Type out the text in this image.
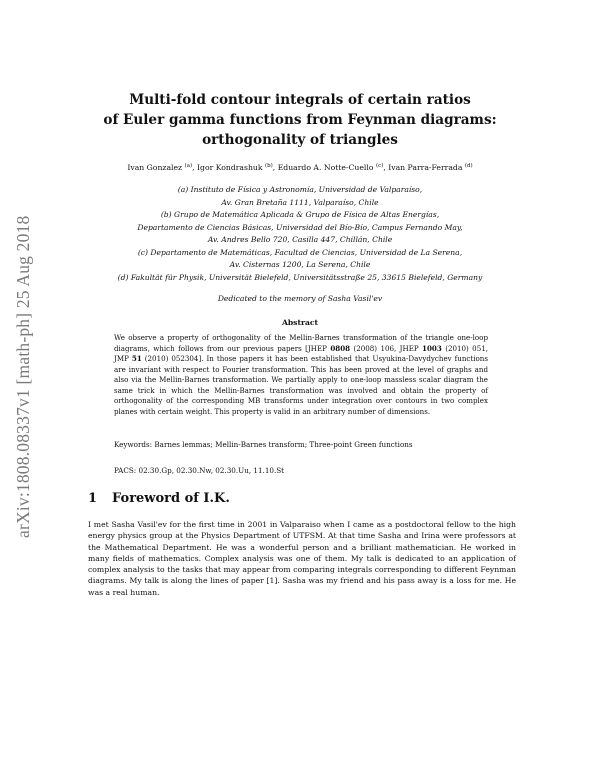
arXiv:1808.08337v1 [math-ph] 25 Aug 2018
Multi-fold contour integrals of certain ratios
of Euler gamma functions from Feynman diagrams:
orthogonality of triangles
Ivan Gonzalez $^{(a)}$, Igor Kondrashuk $^{(b)}$, Eduardo A. Notte-Cuello $^{(c)}$, Ivan Parra-Ferrada $^{(d)}$
(a) Instituto de Física y Astronomía, Universidad de Valparaíso,
Av. Gran Bretaña 1111, Valparaíso, Chile
(b) Grupo de Matemática Aplicada & Grupo de Física de Altas Energías,
Departamento de Ciencias Básicas, Universidad del Bío-Bío, Campus Fernando May,
Av. Andres Bello 720, Casilla 447, Chillán, Chile
(c) Departamento de Matemáticas, Facultad de Ciencias, Universidad de La Serena,
Av. Cisternas 1200, La Serena, Chile
(d) Fakultät für Physik, Universität Bielefeld, Universitätsstraße 25, 33615 Bielefeld, Germany
Dedicated to the memory of Sasha Vasil'ev
Abstract
We observe a property of orthogonality of the Mellin-Barnes transformation of the triangle one-loop diagrams, which follows from our previous papers [JHEP 0808 (2008) 106, JHEP 1003 (2010) 051, JMP 51 (2010) 052304]. In those papers it has been established that Usyukina-Davydychev functions are invariant with respect to Fourier transformation. This has been proved at the level of graphs and also via the Mellin-Barnes transformation. We partially apply to one-loop massless scalar diagram the same trick in which the Mellin-Barnes transformation was involved and obtain the property of orthogonality of the corresponding MB transforms under integration over contours in two complex planes with certain weight. This property is valid in an arbitrary number of dimensions.
Keywords: Barnes lemmas; Mellin-Barnes transform; Three-point Green functions
PACS: 02.30.Gp, 02.30.Nw, 02.30.Uu, 11.10.St
1 Foreword of I.K.
I met Sasha Vasil'ev for the first time in 2001 in Valparaiso when I came as a postdoctoral fellow to the high energy physics group at the Physics Department of UTFSM. At that time Sasha and Irina were professors at the Mathematical Department. He was a wonderful person and a brilliant mathematician. He worked in many fields of mathematics. Complex analysis was one of them. My talk is dedicated to an application of complex analysis to the tasks that may appear from comparing integrals corresponding to different Feynman diagrams. My talk is along the lines of paper [1]. Sasha was my friend and his pass away is a loss for me. He was a real human.
